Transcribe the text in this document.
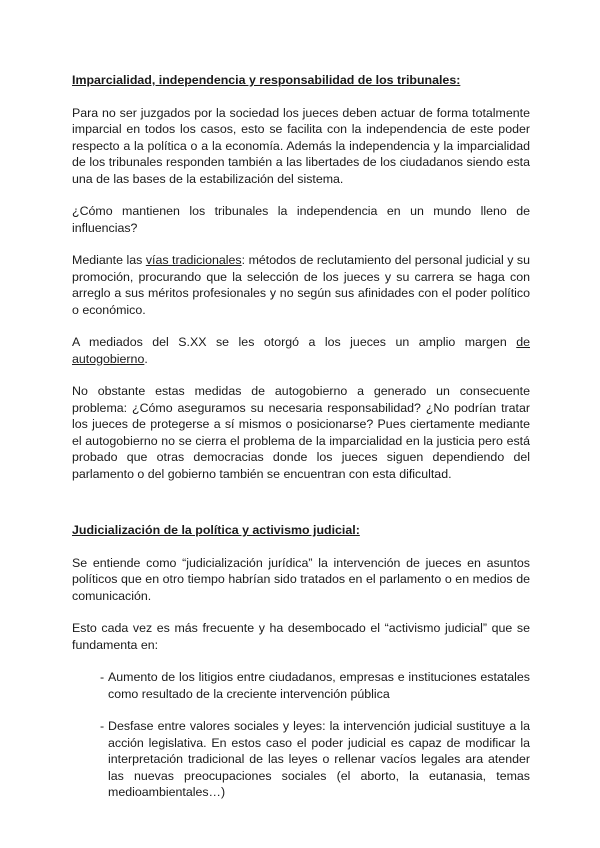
Imparcialidad, independencia y responsabilidad de los tribunales:

Para no ser juzgados por la sociedad los jueces deben actuar de forma totalmente imparcial en todos los casos, esto se facilita con la independencia de este poder respecto a la política o a la economía. Además la independencia y la imparcialidad de los tribunales responden también a las libertades de los ciudadanos siendo esta una de las bases de la estabilización del sistema.

¿Cómo mantienen los tribunales la independencia en un mundo lleno de influencias?

Mediante las vías tradicionales: métodos de reclutamiento del personal judicial y su promoción, procurando que la selección de los jueces y su carrera se haga con arreglo a sus méritos profesionales y no según sus afinidades con el poder político o económico.

A mediados del S.XX se les otorgó a los jueces un amplio margen de autogobierno.

No obstante estas medidas de autogobierno a generado un consecuente problema: ¿Cómo aseguramos su necesaria responsabilidad? ¿No podrían tratar los jueces de protegerse a sí mismos o posicionarse? Pues ciertamente mediante el autogobierno no se cierra el problema de la imparcialidad en la justicia pero está probado que otras democracias donde los jueces siguen dependiendo del parlamento o del gobierno también se encuentran con esta dificultad.

Judicialización de la política y activismo judicial:

Se entiende como “judicialización jurídica” la intervención de jueces en asuntos políticos que en otro tiempo habrían sido tratados en el parlamento o en medios de comunicación.

Esto cada vez es más frecuente y ha desembocado el “activismo judicial” que se fundamenta en:

- Aumento de los litigios entre ciudadanos, empresas e instituciones estatales como resultado de la creciente intervención pública
- Desfase entre valores sociales y leyes: la intervención judicial sustituye a la acción legislativa. En estos caso el poder judicial es capaz de modificar la interpretación tradicional de las leyes o rellenar vacíos legales ara atender las nuevas preocupaciones sociales (el aborto, la eutanasia, temas medioambientales…)
